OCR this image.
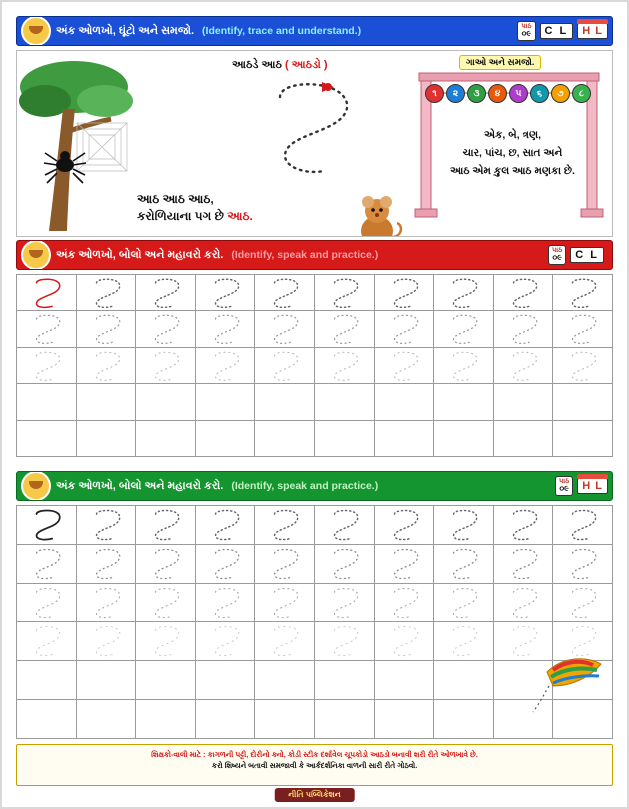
અંક ઓળખો, ઘૂંટો અને સમજો. (Identify, trace and understand.)	પાઠ
૦૯	C L	H L
આઠડે આઠ ( આઠડો )
આઠ આઠ આઠ,
કરોળિયાના પગ છે આઠ.
ગાઓ અને સમજો.
૧	૨	૩	૪	૫	૬	૭	૮
એક, બે, ત્રણ,
ચાર, પાંચ, છ, સાત અને
આઠ એમ કુલ આઠ મણકા છે.
અંક ઓળખો, બોલો અને મહાવરો કરો. (Identify, speak and practice.)	પાઠ
૦૯	C L
અંક ઓળખો, બોલો અને મહાવરો કરો. (Identify, speak and practice.)	પાઠ
૦૯	H L

શિક્ષકો-વાલી માટે : કાગળની પટ્ટી, દોરીનો ક્નો, કોડી સ્ટીક દર્શાવેલ ચૂપકોડો આઠડો બનાવી શરી રીતે ઓળખાવે છે.

કરો શિષ્યને બતાવી સમજાવી કે આર્કદર્શનિકા વાળની સારી રીતે ગોઠવો.

નીતિ પબ્લિકેશન
